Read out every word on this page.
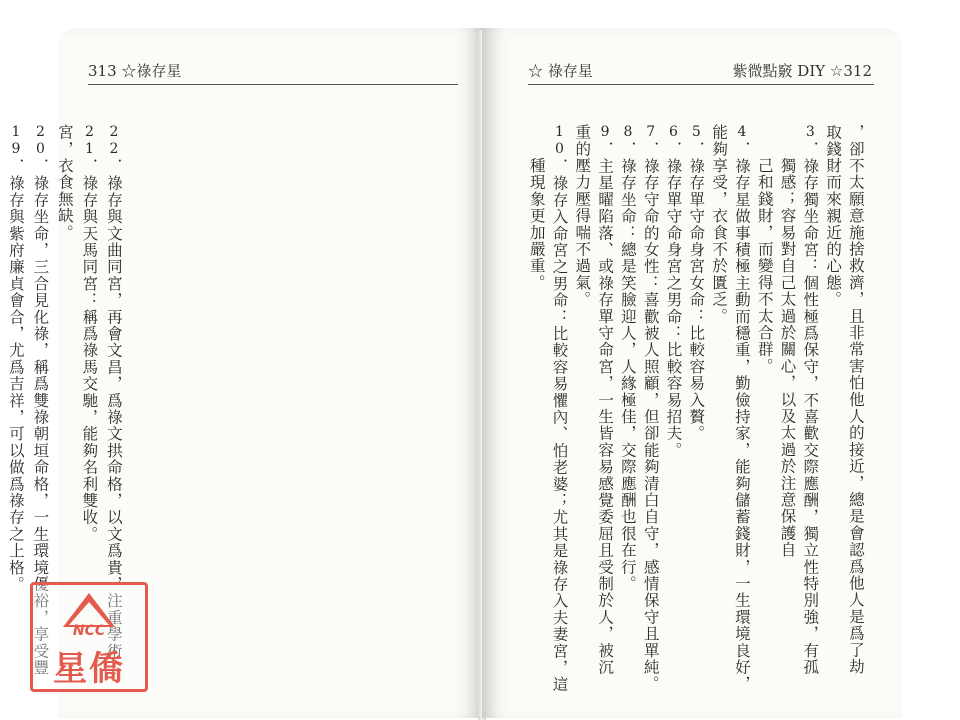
313 ☆祿存星
22．祿存與文曲同宮，再會文昌，爲祿文拱命格，以文爲貴，注重學術
21．祿存與天馬同宮：稱爲祿馬交馳，能夠名利雙收。
宮，衣食無缺。
20．祿存坐命，三合見化祿，稱爲雙祿朝垣命格，一生環境優裕，享受豐
19．祿存與紫府廉貞會合，尤爲吉祥，可以做爲祿存之上格。
☆ 祿存星	紫微點竅 DIY ☆312
，卻不太願意施捨救濟，且非常害怕他人的接近，總是會認爲他人是爲了劫
取錢財而來親近的心態。
3．祿存獨坐命宮：個性極爲保守，不喜歡交際應酬，獨立性特別強，有孤
　　獨感；容易對自己太過於關心，以及太過於注意保護自
　　己和錢財，而變得不太合群。
4．祿存星做事積極主動而穩重，勤儉持家，能夠儲蓄錢財，一生環境良好，
能夠享受，衣食不於匱乏。
5．祿存單守命身宮女命：比較容易入贅。
6．祿存單守命身宮之男命：比較容易招夫。
7．祿存守命的女性：喜歡被人照顧，但卻能夠清白自守，感情保守且單純。
8．祿存坐命：總是笑臉迎人，人緣極佳，交際應酬也很在行。
9．主星曜陷落、或祿存單守命宮，一生皆容易感覺委屈且受制於人，被沉
重的壓力壓得喘不過氣。
10．祿存入命宮之男命：比較容易懼內、怕老婆；尤其是祿存入夫妻宮，這
　　種現象更加嚴重。
NCC
星僑
